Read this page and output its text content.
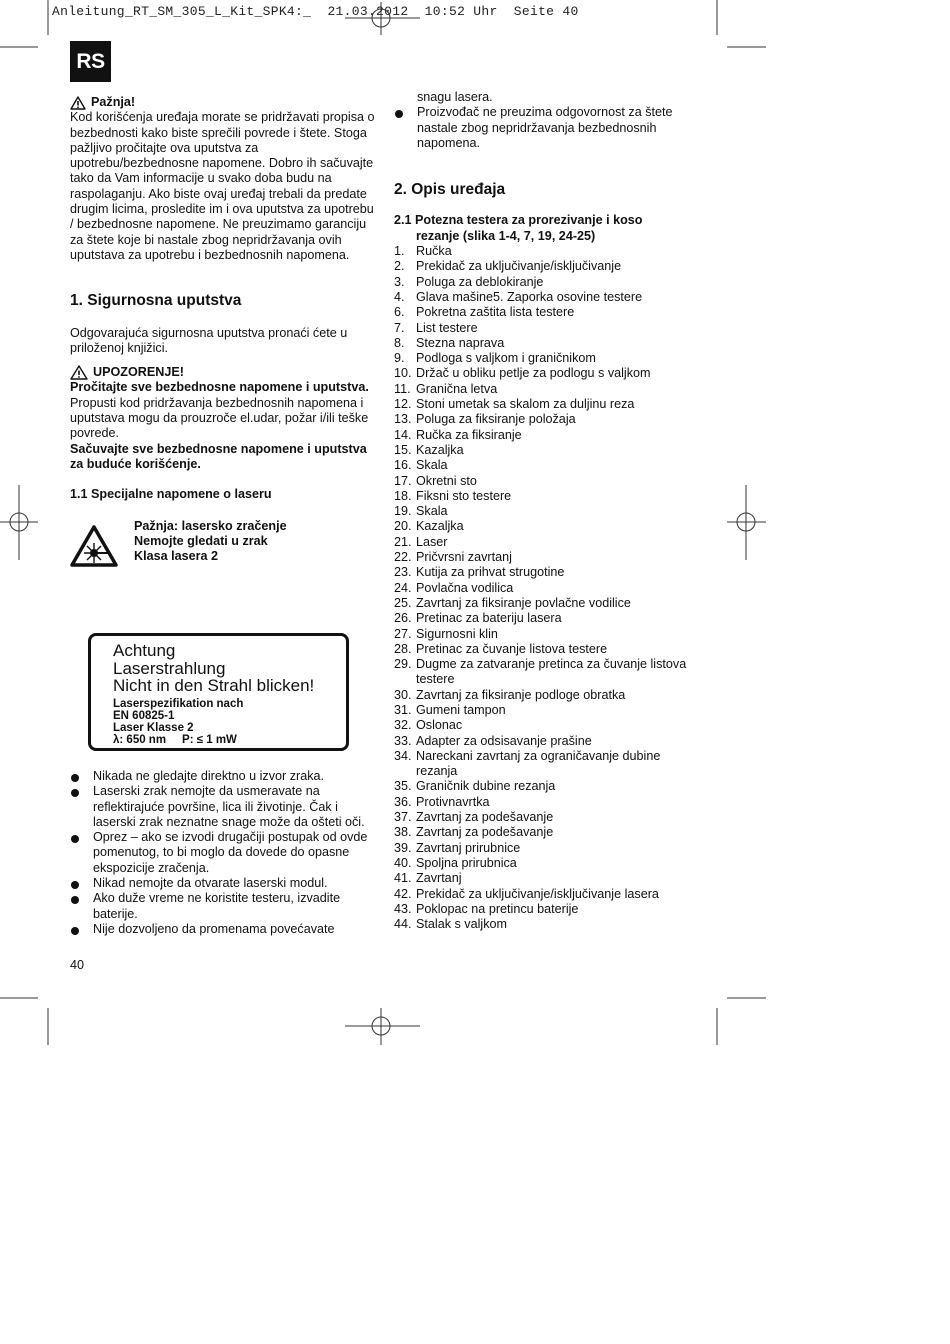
Anleitung_RT_SM_305_L_Kit_SPK4:_  21.03.2012  10:52 Uhr  Seite 40
RS
Pažnja!

Kod korišćenja uređaja morate se pridržavati propisa o bezbednosti kako biste sprečili povrede i štete. Stoga pažljivo pročitajte ova uputstva za upotrebu/bezbednosne napomene. Dobro ih sačuvajte tako da Vam informacije u svako doba budu na raspolaganju. Ako biste ovaj uređaj trebali da predate drugim licima, prosledite im i ova uputstva za upotrebu / bezbednosne napomene. Ne preuzimamo garanciju za štete koje bi nastale zbog nepridržavanja ovih uputstava za upotrebu i bezbednosnih napomena.

1. Sigurnosna uputstva

Odgovarajuća sigurnosna uputstva pronaći ćete u priloženoj knjižici.

UPOZORENJE!

Pročitajte sve bezbednosne napomene i uputstva.

Propusti kod pridržavanja bezbednosnih napomena i uputstava mogu da prouzroče el.udar, požar i/ili teške povrede.

Sačuvajte sve bezbednosne napomene i uputstva za buduće korišćenje.

1.1 Specijalne napomene o laseru

Pažnja: lasersko zračenje
Nemojte gledati u zrak
Klasa lasera 2
Achtung
Laserstrahlung
Nicht in den Strahl blicken!
Laserspezifikation nach
EN 60825-1
Laser Klasse 2
λ: 650 nm     P: ≤ 1 mW
Nikada ne gledajte direktno u izvor zraka.
Laserski zrak nemojte da usmeravate na reflektirajuće površine, lica ili životinje. Čak i laserski zrak neznatne snage može da ošteti oči.
Oprez – ako se izvodi drugačiji postupak od ovde pomenutog, to bi moglo da dovede do opasne ekspozicije zračenja.
Nikad nemojte da otvarate laserski modul.
Ako duže vreme ne koristite testeru, izvadite baterije.
Nije dozvoljeno da promenama povećavate

snagu lasera.

Proizvođač ne preuzima odgovornost za štete nastale zbog nepridržavanja bezbednosnih napomena.
2. Opis uređaja

2.1 Potezna testera za prorezivanje i koso

rezanje (slika 1-4, 7, 19, 24-25)

1. Ručka
2. Prekidač za uključivanje/isključivanje
3. Poluga za deblokiranje
4. Glava mašine5. Zaporka osovine testere
6. Pokretna zaštita lista testere
7. List testere
8. Stezna naprava
9. Podloga s valjkom i graničnikom
10. Držač u obliku petlje za podlogu s valjkom
11. Granična letva
12. Stoni umetak sa skalom za duljinu reza
13. Poluga za fiksiranje položaja
14. Ručka za fiksiranje
15. Kazaljka
16. Skala
17. Okretni sto
18. Fiksni sto testere
19. Skala
20. Kazaljka
21. Laser
22. Pričvrsni zavrtanj
23. Kutija za prihvat strugotine
24. Povlačna vodilica
25. Zavrtanj za fiksiranje povlačne vodilice
26. Pretinac za bateriju lasera
27. Sigurnosni klin
28. Pretinac za čuvanje listova testere
29. Dugme za zatvaranje pretinca za čuvanje listova testere
30. Zavrtanj za fiksiranje podloge obratka
31. Gumeni tampon
32. Oslonac
33. Adapter za odsisavanje prašine
34. Nareckani zavrtanj za ograničavanje dubine rezanja
35. Graničnik dubine rezanja
36. Protivnavrtka
37. Zavrtanj za podešavanje
38. Zavrtanj za podešavanje
39. Zavrtanj prirubnice
40. Spoljna prirubnica
41. Zavrtanj
42. Prekidač za uključivanje/isključivanje lasera
43. Poklopac na pretincu baterije
44. Stalak s valjkom
40
